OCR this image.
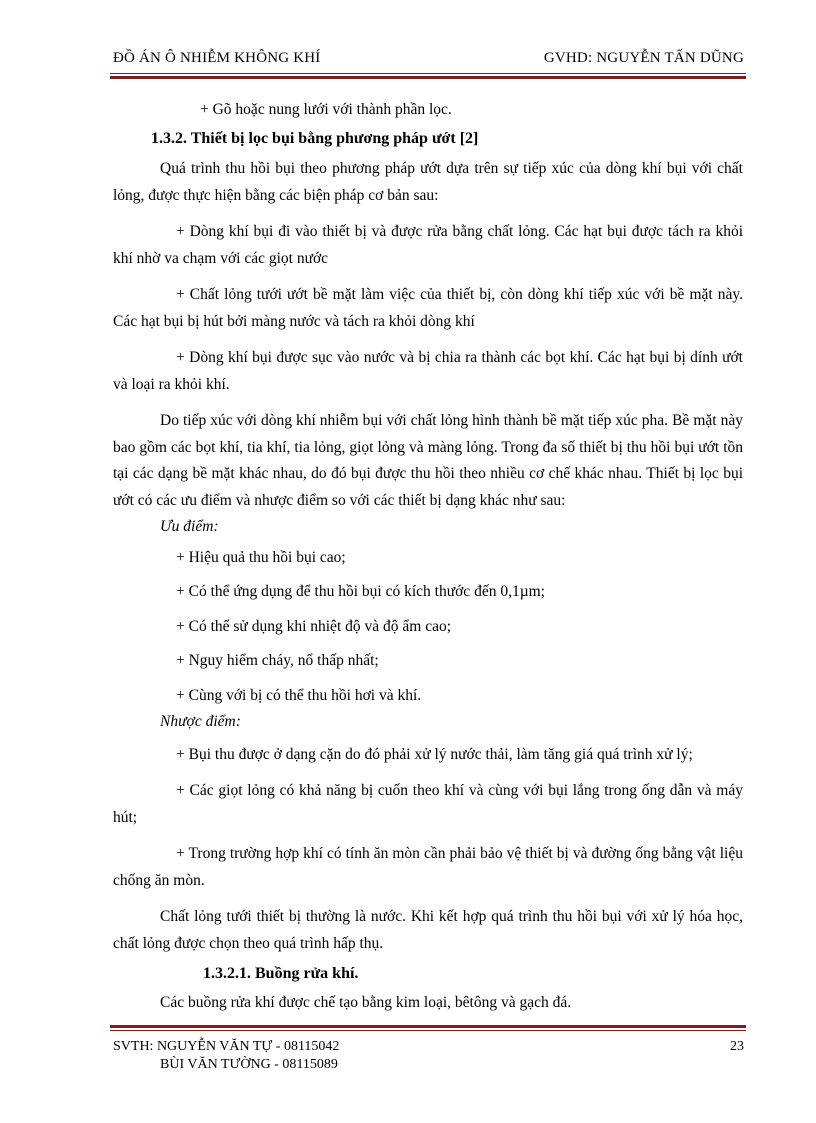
ĐỒ ÁN Ô NHIỄM KHÔNG KHÍ	GVHD: NGUYỄN TẤN DŨNG

+ Gõ hoặc nung lưới với thành phần lọc.

1.3.2. Thiết bị lọc bụi bằng phương pháp ướt [2]

Quá trình thu hồi bụi theo phương pháp ướt dựa trên sự tiếp xúc của dòng khí bụi với chất lỏng, được thực hiện bằng các biện pháp cơ bản sau:

+ Dòng khí bụi đi vào thiết bị và được rửa bằng chất lỏng. Các hạt bụi được tách ra khỏi khí nhờ va chạm với các giọt nước

+ Chất lỏng tưới ướt bề mặt làm việc của thiết bị, còn dòng khí tiếp xúc với bề mặt này. Các hạt bụi bị hút bởi màng nước và tách ra khỏi dòng khí

+ Dòng khí bụi được sục vào nước và bị chia ra thành các bọt khí. Các hạt bụi bị dính ướt và loại ra khỏi khí.

Do tiếp xúc với dòng khí nhiễm bụi với chất lỏng hình thành bề mặt tiếp xúc pha. Bề mặt này bao gồm các bọt khí, tia khí, tia lỏng, giọt lỏng và màng lỏng. Trong đa số thiết bị thu hồi bụi ướt tồn tại các dạng bề mặt khác nhau, do đó bụi được thu hồi theo nhiều cơ chế khác nhau. Thiết bị lọc bụi ướt có các ưu điểm và nhược điểm so với các thiết bị dạng khác như sau:

Ưu điểm:

+ Hiệu quả thu hồi bụi cao;

+ Có thể ứng dụng để thu hồi bụi có kích thước đến 0,1µm;

+ Có thể sử dụng khi nhiệt độ và độ ẩm cao;

+ Nguy hiểm cháy, nổ thấp nhất;

+ Cùng với bị có thể thu hồi hơi và khí.

Nhược điểm:

+ Bụi thu được ở dạng cặn do đó phải xử lý nước thải, làm tăng giá quá trình xử lý;

+ Các giọt lỏng có khả năng bị cuốn theo khí và cùng với bụi lắng trong ống dẫn và máy hút;

+ Trong trường hợp khí có tính ăn mòn cần phải bảo vệ thiết bị và đường ống bằng vật liệu chống ăn mòn.

Chất lỏng tưới thiết bị thường là nước. Khi kết hợp quá trình thu hồi bụi với xử lý hóa học, chất lỏng được chọn theo quá trình hấp thụ.

1.3.2.1. Buồng rửa khí.

Các buồng rửa khí được chế tạo bằng kim loại, bêtông và gạch đá.

SVTH: NGUYỄN VĂN TỰ - 08115042
BÙI VĂN TƯỜNG - 08115089
23
